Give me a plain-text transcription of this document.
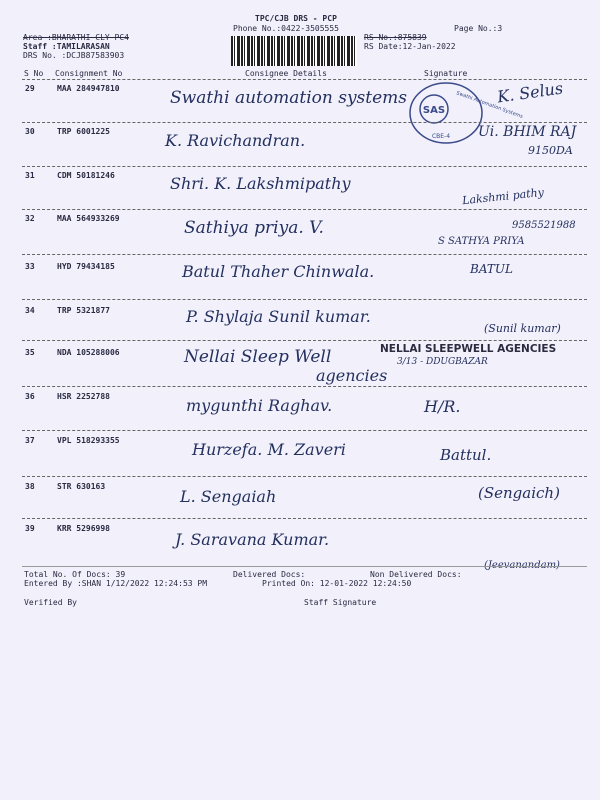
TPC/CJB DRS - PCP
Phone No.:0422-3505555	Page No.:3
Area :BHARATHI CLY PC4
Staff :TAMILARASAN
DRS No. :DCJB87583903
RS No.:875839
RS Date:12-Jan-2022
S No Consignment No	Consignee Details	Signature
29	MAA 284947810	Swathi automation systems	K. Selus
SAS
CBE-4
Swathi Automation Systems
30	TRP 6001225	K. Ravichandran.	Ui. BHIM RAJ
9150DA
31	CDM 50181246	Shri. K. Lakshmipathy
Lakshmi pathy
32	MAA 564933269	Sathiya priya. V.	9585521988
S SATHYA PRIYA
33	HYD 79434185	Batul Thaher Chinwala.	BATUL
34	TRP 5321877	P. Shylaja Sunil kumar.
(Sunil kumar)
35	NDA 105288006	Nellai Sleep Well
agencies
NELLAI SLEEPWELL AGENCIES
3/13 - DDUGBAZAR
36	HSR 2252788	mygunthi Raghav.	H/R.
37	VPL 518293355	Hurzefa. M. Zaveri	Battul.
38	STR 630163
L. Sengaiah	(Sengaich)
39	KRR 5296998
J. Saravana Kumar.
(Jeevanandam)
Total No. Of Docs: 39	Delivered Docs:	Non Delivered Docs:
Entered By :SHAN 1/12/2022 12:24:53 PM	Printed On: 12-01-2022 12:24:50
Verified By	Staff Signature
